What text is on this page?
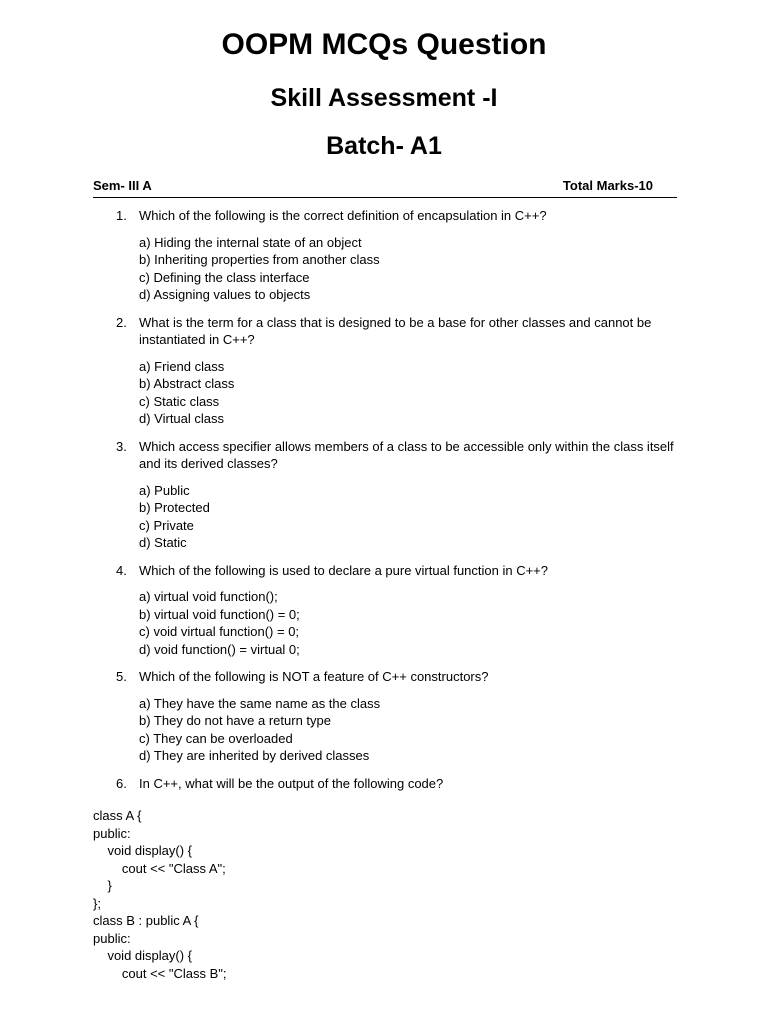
OOPM MCQs Question
Skill Assessment -I
Batch- A1
Sem- III A	Total Marks-10
1. Which of the following is the correct definition of encapsulation in C++?
a) Hiding the internal state of an object
b) Inheriting properties from another class
c) Defining the class interface
d) Assigning values to objects
2. What is the term for a class that is designed to be a base for other classes and cannot be instantiated in C++?
a) Friend class
b) Abstract class
c) Static class
d) Virtual class
3. Which access specifier allows members of a class to be accessible only within the class itself and its derived classes?
a) Public
b) Protected
c) Private
d) Static
4. Which of the following is used to declare a pure virtual function in C++?
a) virtual void function();
b) virtual void function() = 0;
c) void virtual function() = 0;
d) void function() = virtual 0;
5. Which of the following is NOT a feature of C++ constructors?
a) They have the same name as the class
b) They do not have a return type
c) They can be overloaded
d) They are inherited by derived classes
6. In C++, what will be the output of the following code?
class A {
public:
void display() {
cout << "Class A";
}
};
class B : public A {
public:
void display() {
cout << "Class B";
